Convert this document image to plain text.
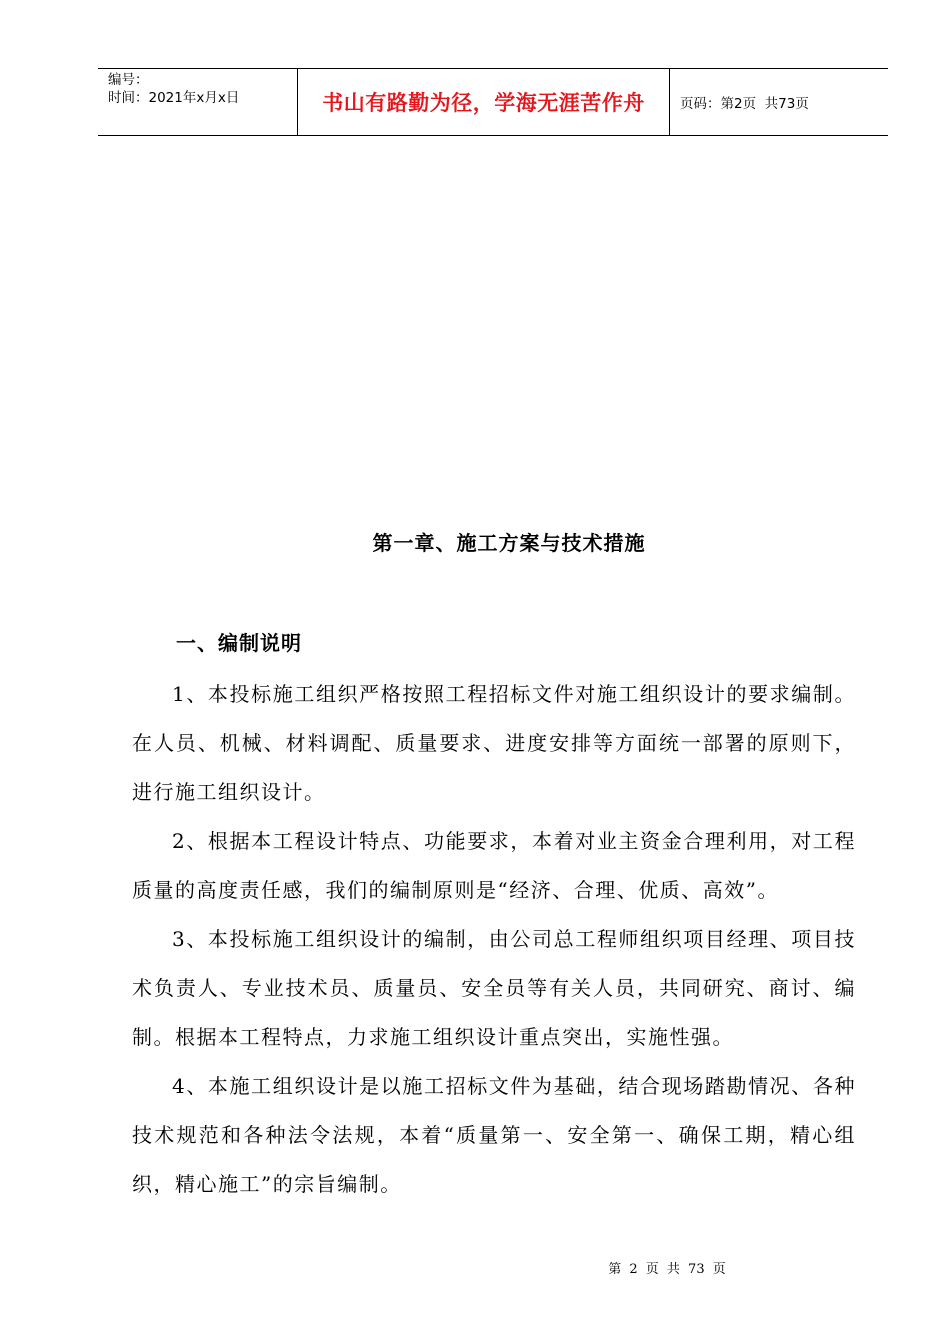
编号：
时间：2021年x月x日	书山有路勤为径，学海无涯苦作舟	页码：第2页  共73页
第一章、施工方案与技术措施
一、编制说明

1、本投标施工组织严格按照工程招标文件对施工组织设计的要求编制。在人员、机械、材料调配、质量要求、进度安排等方面统一部署的原则下，进行施工组织设计。

2、根据本工程设计特点、功能要求，本着对业主资金合理利用，对工程质量的高度责任感，我们的编制原则是“经济、合理、优质、高效”。

3、本投标施工组织设计的编制，由公司总工程师组织项目经理、项目技术负责人、专业技术员、质量员、安全员等有关人员，共同研究、商讨、编制。根据本工程特点，力求施工组织设计重点突出，实施性强。

4、本施工组织设计是以施工招标文件为基础，结合现场踏勘情况、各种技术规范和各种法令法规，本着“质量第一、安全第一、确保工期，精心组织，精心施工”的宗旨编制。

第 2 页 共 73 页
